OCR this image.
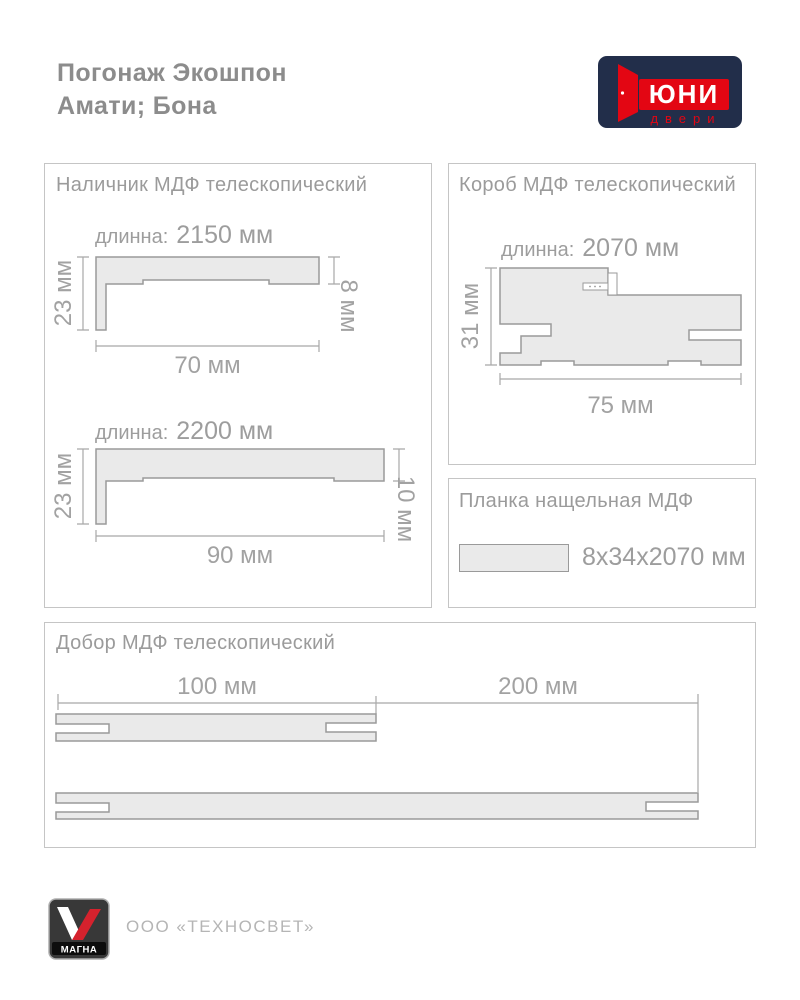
Погонаж Экошпон
Амати; Бона	ЮНИ
двери
Наличник МДФ телескопический
длинна: 2150 мм
23 мм	8 мм
70 мм
длинна: 2200 мм
23 мм	10 мм
90 мм
Короб МДФ телескопический
длинна: 2070 мм
31 мм
75 мм
Планка нащельная МДФ
8x34x2070 мм
Добор МДФ телескопический
100 мм	200 мм
МАГНА
ООО «ТЕХНОСВЕТ»
